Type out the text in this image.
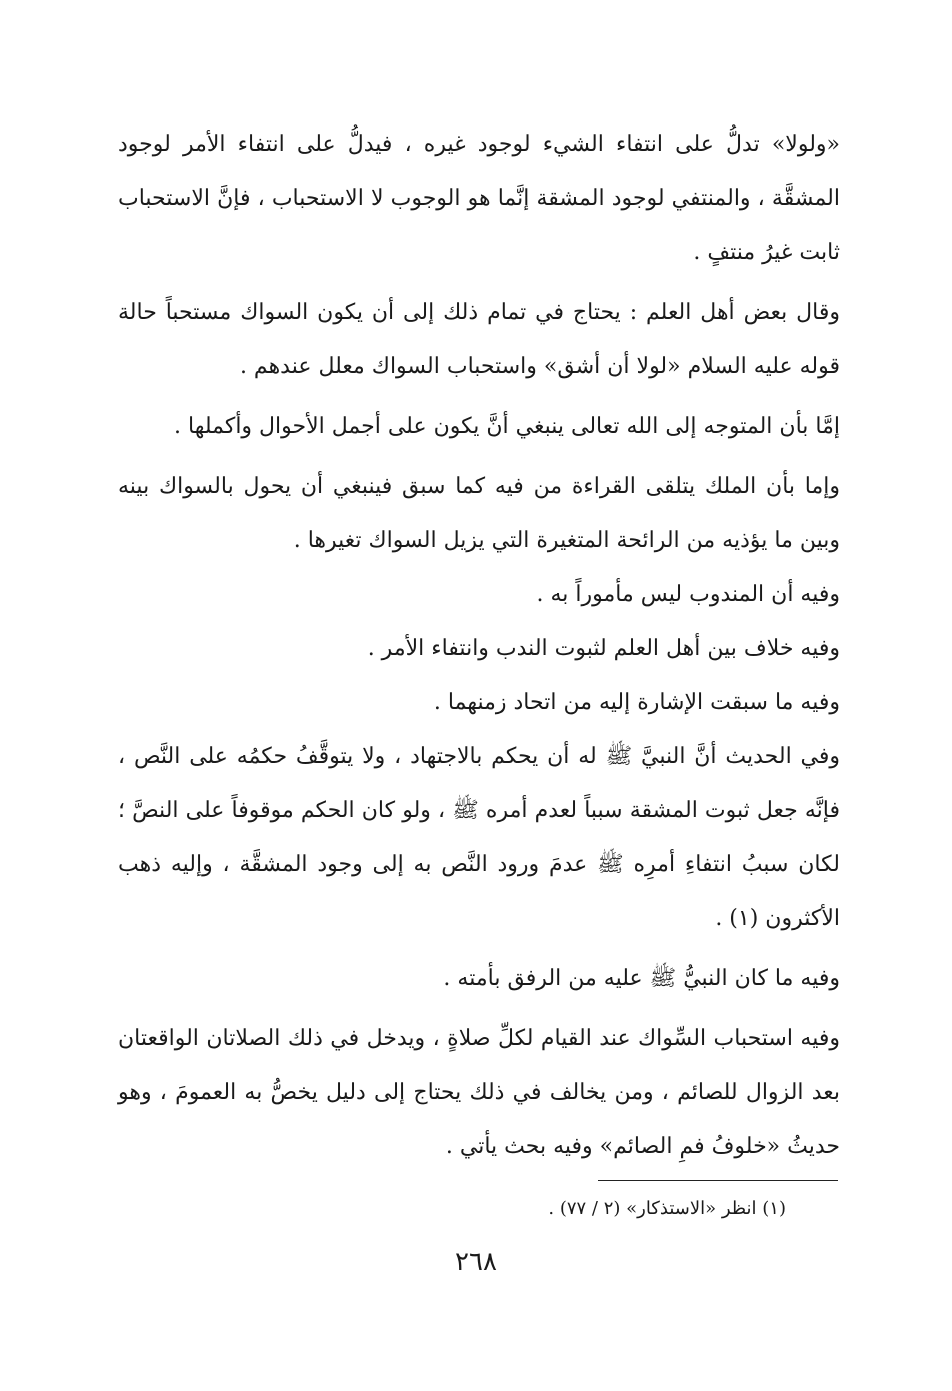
«ولولا» تدلُّ على انتفاء الشيء لوجود غيره ، فيدلُّ على انتفاء الأمر لوجود المشقَّة ، والمنتفي لوجود المشقة إنَّما هو الوجوب لا الاستحباب ، فإنَّ الاستحباب ثابت غيرُ منتفٍ .

وقال بعض أهل العلم : يحتاج في تمام ذلك إلى أن يكون السواك مستحباً حالة قوله عليه السلام «لولا أن أشق» واستحباب السواك معلل عندهم .

إمَّا بأن المتوجه إلى الله تعالى ينبغي أنَّ يكون على أجمل الأحوال وأكملها .

وإما بأن الملك يتلقى القراءة من فيه كما سبق فينبغي أن يحول بالسواك بينه وبين ما يؤذيه من الرائحة المتغيرة التي يزيل السواك تغيرها .

وفيه أن المندوب ليس مأموراً به .

وفيه خلاف بين أهل العلم لثبوت الندب وانتفاء الأمر .

وفيه ما سبقت الإشارة إليه من اتحاد زمنهما .

وفي الحديث أنَّ النبيَّ ﷺ له أن يحكم بالاجتهاد ، ولا يتوقَّفُ حكمُه على النَّص ، فإنَّه جعل ثبوت المشقة سبباً لعدم أمره ﷺ ، ولو كان الحكم موقوفاً على النصَّ ؛ لكان سببُ انتفاءِ أمرِه ﷺ عدمَ ورود النَّص به إلى وجود المشقَّة ، وإليه ذهب الأكثرون (١) .

وفيه ما كان النبيُّ ﷺ عليه من الرفق بأمته .

وفيه استحباب السِّواك عند القيام لكلِّ صلاةٍ ، ويدخل في ذلك الصلاتان الواقعتان بعد الزوال للصائم ، ومن يخالف في ذلك يحتاج إلى دليل يخصُّ به العمومَ ، وهو حديثُ «خلوفُ فمِ الصائم» وفيه بحث يأتي .

(١) انظر «الاستذكار» (٢ / ٧٧) .
٢٦٨
